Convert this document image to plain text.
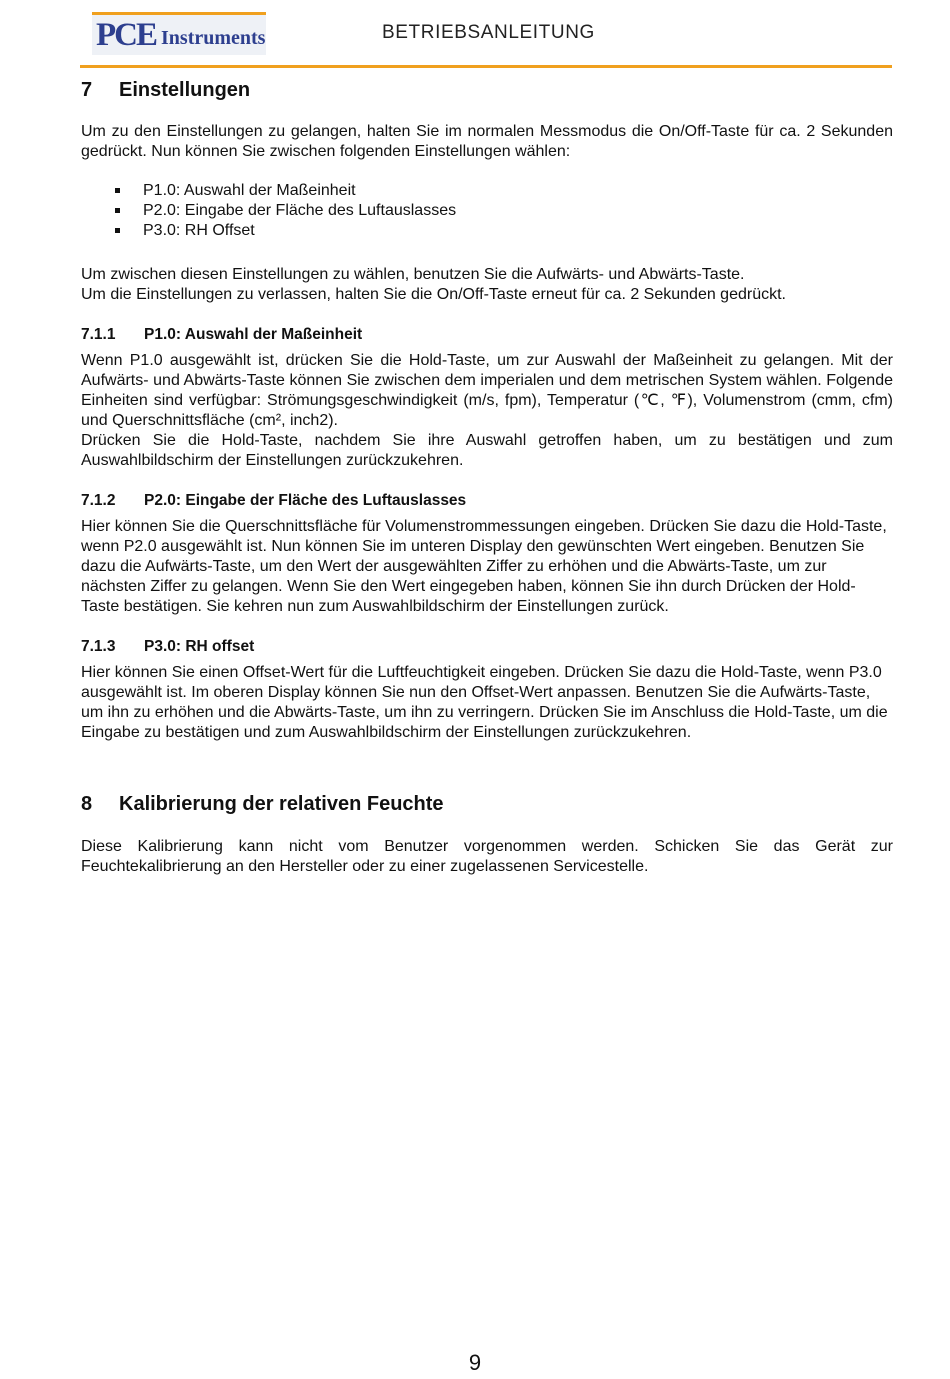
PCE Instruments	BETRIEBSANLEITUNG
7	Einstellungen

Um zu den Einstellungen zu gelangen, halten Sie im normalen Messmodus die On/Off-Taste für ca. 2 Sekunden gedrückt. Nun können Sie zwischen folgenden Einstellungen wählen:

P1.0: Auswahl der Maßeinheit
P2.0: Eingabe der Fläche des Luftauslasses
P3.0: RH Offset

Um zwischen diesen Einstellungen zu wählen, benutzen Sie die Aufwärts- und Abwärts-Taste.

Um die Einstellungen zu verlassen, halten Sie die On/Off-Taste erneut für ca. 2 Sekunden gedrückt.

7.1.1	P1.0: Auswahl der Maßeinheit

Wenn P1.0 ausgewählt ist, drücken Sie die Hold-Taste, um zur Auswahl der Maßeinheit zu gelangen. Mit der Aufwärts- und Abwärts-Taste können Sie zwischen dem imperialen und dem metrischen System wählen. Folgende Einheiten sind verfügbar: Strömungsgeschwindigkeit (m/s, fpm), Temperatur (℃, ℉), Volumenstrom (cmm, cfm) und Querschnittsfläche (cm², inch2).

Drücken Sie die Hold-Taste, nachdem Sie ihre Auswahl getroffen haben, um zu bestätigen und zum Auswahlbildschirm der Einstellungen zurückzukehren.

7.1.2	P2.0: Eingabe der Fläche des Luftauslasses

Hier können Sie die Querschnittsfläche für Volumenstrommessungen eingeben. Drücken Sie dazu die Hold-Taste, wenn P2.0 ausgewählt ist. Nun können Sie im unteren Display den gewünschten Wert eingeben. Benutzen Sie dazu die Aufwärts-Taste, um den Wert der ausgewählten Ziffer zu erhöhen und die Abwärts-Taste, um zur nächsten Ziffer zu gelangen. Wenn Sie den Wert eingegeben haben, können Sie ihn durch Drücken der Hold-Taste bestätigen. Sie kehren nun zum Auswahlbildschirm der Einstellungen zurück.

7.1.3	P3.0: RH offset

Hier können Sie einen Offset-Wert für die Luftfeuchtigkeit eingeben. Drücken Sie dazu die Hold-Taste, wenn P3.0 ausgewählt ist. Im oberen Display können Sie nun den Offset-Wert anpassen. Benutzen Sie die Aufwärts-Taste, um ihn zu erhöhen und die Abwärts-Taste, um ihn zu verringern. Drücken Sie im Anschluss die Hold-Taste, um die Eingabe zu bestätigen und zum Auswahlbildschirm der Einstellungen zurückzukehren.

8	Kalibrierung der relativen Feuchte

Diese Kalibrierung kann nicht vom Benutzer vorgenommen werden. Schicken Sie das Gerät zur Feuchtekalibrierung an den Hersteller oder zu einer zugelassenen Servicestelle.

9
